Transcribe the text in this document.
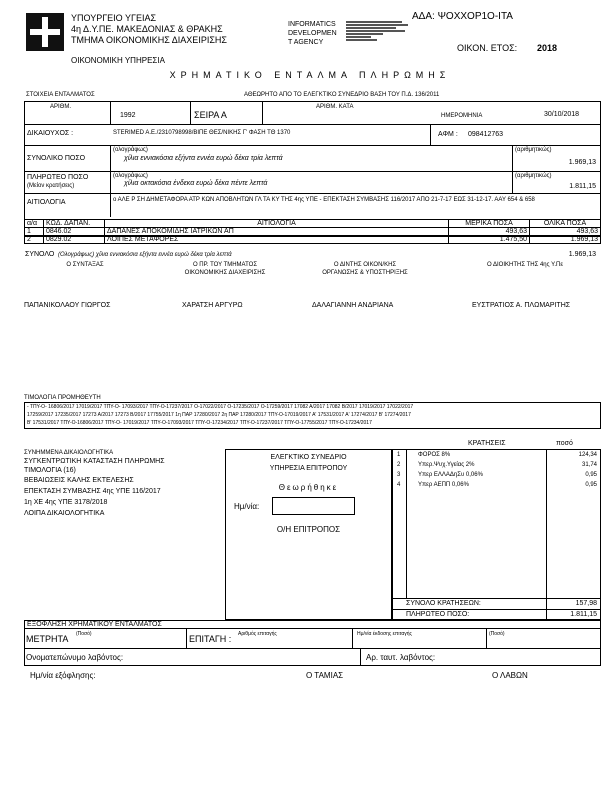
ΥΠΟΥΡΓΕΙΟ ΥΓΕΙΑΣ
4η Δ.Υ.ΠΕ. ΜΑΚΕΔΟΝΙΑΣ & ΘΡΑΚΗΣ
ΤΜΗΜΑ ΟΙΚΟΝΟΜΙΚΗΣ ΔΙΑΧΕΙΡΙΣΗΣ
ΟΙΚΟΝΟΜΙΚΗ ΥΠΗΡΕΣΙΑ
INFORMATICS
DEVELOPMEN
T AGENCY
ΑΔΑ: ΨΟΧΧΟΡ1Ο-ΙΤΑ
ΟΙΚΟΝ. ΕΤΟΣ: 2018
ΧΡΗΜΑΤΙΚΟ ΕΝΤΑΛΜΑ ΠΛΗΡΩΜΗΣ
ΣΤΟΙΧΕΙΑ ΕΝΤΑΛΜΑΤΟΣ	ΑΘΕΩΡΗΤΟ ΑΠΟ ΤΟ ΕΛΕΓΚΤΙΚΟ ΣΥΝΕΔΡΙΟ ΒΑΣΗ ΤΟΥ Π.Δ. 136/2011
ΑΡΙΘΜ.
1992	ΣΕΙΡΑ Α
ΑΡΙΘΜ. ΚΑΤΑ
ΗΜΕΡΟΜΗΝΙΑ	30/10/2018
ΔΙΚΑΙΟΥΧΟΣ :	STERIMED A.E./2310798998/ΒΙΠΕ ΘΕΣ/ΝΙΚΗΣ Γ' ΦΑΣΗ ΤΘ 1370	ΑΦΜ : 098412763
ΣΥΝΟΛΙΚΟ ΠΟΣΟ
(ολογράφως)
χίλια εννιακόσια εξήντα εννέα ευρώ δέκα τρία λεπτά
(αριθμητικώς)
1.969,13
ΠΛΗΡΩΤΕΟ ΠΟΣΟ
(Μείον κρατήσεις)
(ολογράφως)
χίλια οκτακόσια ένδεκα ευρώ δέκα πέντε λεπτά
(αριθμητικώς)
1.811,15
ΑΙΤΙΟΛΟΓΙΑ	ο ΑΛΕ Ρ ΣΗ ΔΗΜΕΤΑΦΟΡΑ ΑΤΡ ΚΩΝ ΑΠΟΒΛΗΤΩΝ ΓΛ ΤΑ ΚΥ ΤΗΣ 4ης ΥΠΕ - ΕΠΕΚΤΑΣΗ ΣΥΜΒΑΣΗΣ 116/2017 ΑΠΟ 21-7-17 ΕΩΣ 31-12-17. ΑΑΥ 654 & 658
α/α	ΚΩΔ. ΔΑΠΑΝ.	ΑΙΤΙΟΛΟΓΙΑ	ΜΕΡΙΚΑ ΠΟΣΑ	ΟΛΙΚΑ ΠΟΣΑ
1	0846.02	ΔΑΠΑΝΕΣ ΑΠΟΚΟΜΙΔΗΣ ΙΑΤΡΙΚΩΝ ΑΠ	493,63	493,63
2	0829.02	ΛΟΙΠΕΣ ΜΕΤΑΦΟΡΕΣ	1.475,50	1.969,13
ΣΥΝΟΛΟ (Ολογράφως) χίλια εννιακόσια εξήντα εννέα ευρώ δέκα τρία λεπτά	1.969,13
Ο ΣΥΝΤΑΞΑΣ	Ο ΠΡ. ΤΟΥ ΤΜΗΜΑΤΟΣ
ΟΙΚΟΝΟΜΙΚΗΣ ΔΙΑΧΕΙΡΙΣΗΣ
Ο ΔΙΝΤΗΣ ΟΙΚΟΝ/ΚΗΣ
ΟΡΓΑΝΩΣΗΣ & ΥΠΟΣΤΗΡΙΞΗΣ
Ο ΔΙΟΙΚΗΤΗΣ ΤΗΣ 4ης Υ.Πε
ΠΑΠΑΝΙΚΟΛΑΟΥ ΓΙΩΡΓΟΣ	ΧΑΡΑΤΣΗ ΑΡΓΥΡΩ	ΔΑΛΑΓΙΑΝΝΗ ΑΝΔΡΙΑΝΑ	ΕΥΣΤΡΑΤΙΟΣ Α. ΠΛΩΜΑΡΙΤΗΣ
ΤΙΜΟΛΟΓΙΑ ΠΡΟΜΗΘΕΥΤΗ
- ΤΠΥ-Ο- 16806/2017 17019/2017 ΤΠΥ-Ο- 17093/2017 ΤΠΥ-Ο-17237/2017 Ο-17022/2017 Ο-17235/2017 Ο-17259/2017 17082 Α/2017 17082 Β/2017 17019/2017 17022/2017
17259/2017 17235/2017 17273 Α/2017 17273 Β/2017 17755/2017 1η ΠΑΡ 17280/2017 2η ΠΑΡ 17280/2017 ΤΠΥ-Ο-17019/2017 Α' 17531/2017 Α' 17274/2017 Β' 17274/2017
Β' 17531/2017 ΤΠΥ-Ο-16806/2017 ΤΠΥ-Ο- 17019/2017 ΤΠΥ-Ο-17093/2017 ΤΠΥ-Ο-17234/2017 ΤΠΥ-Ο-17237/2017 ΤΠΥ-Ο-17755/2017 ΤΠΥ-Ο-17234/2017
ΣΥΝΗΜΜΕΝΑ ΔΙΚΑΙΟΛΟΓΗΤΙΚΑ
ΣΥΓΚΕΝΤΡΩΤΙΚΗ ΚΑΤΑΣΤΑΣΗ ΠΛΗΡΩΜΗΣ
ΤΙΜΟΛΟΓΙΑ (16)
ΒΕΒΑΙΩΣΕΙΣ ΚΑΛΗΣ ΕΚΤΕΛΕΣΗΣ
ΕΠΕΚΤΑΣΗ ΣΥΜΒΑΣΗΣ 4ης ΥΠΕ 116/2017
1η ΧΕ 4ης ΥΠΕ 3178/2018
ΛΟΙΠΑ ΔΙΚΑΙΟΛΟΓΗΤΙΚΑ
ΕΛΕΓΚΤΙΚΟ ΣΥΝΕΔΡΙΟ
ΥΠΗΡΕΣΙΑ ΕΠΙΤΡΟΠΟΥ
Θεωρήθηκε
Ημ/νία:
Ο/Η ΕΠΙΤΡΟΠΟΣ
ΚΡΑΤΗΣΕΙΣ	ποσό
1	ΦΟΡΟΣ 8%	124,34
2	Υπερ.Ψυχ.Υγείας 2%	31,74
3	Υπερ ΕΛΛΑΔηΣυ 0,06%	0,95
4	Υπερ ΑΕΠΠ 0,06%	0,95
ΣΥΝΟΛΟ ΚΡΑΤΗΣΕΩΝ:	157,98
ΠΛΗΡΩΤΕΟ ΠΟΣΟ:	1.811,15
ΕΞΟΦΛΗΣΗ ΧΡΗΜΑΤΙΚΟΥ ΕΝΤΑΛΜΑΤΟΣ
ΜΕΤΡΗΤΑ (Ποσό)	ΕΠΙΤΑΓΗ : Αριθμός επιταγής	Ημ/νία έκδοσης επιταγής	(Ποσό)
Ονοματεπώνυμο λαβόντος:	Αρ. ταυτ. λαβόντος:
Ημ/νία εξόφλησης:	Ο ΤΑΜΙΑΣ	Ο ΛΑΒΩΝ
